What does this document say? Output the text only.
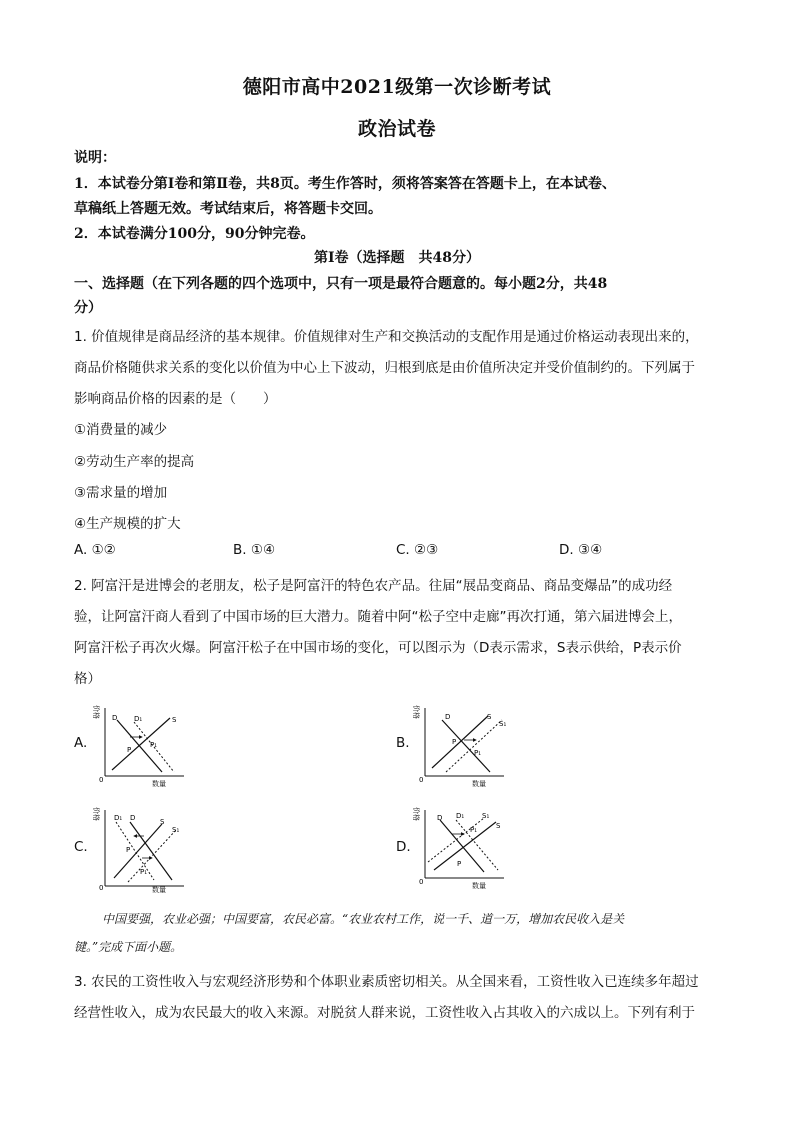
德阳市高中2021级第一次诊断考试
政治试卷
说明：
1．本试卷分第Ⅰ卷和第Ⅱ卷，共8页。考生作答时，须将答案答在答题卡上，在本试卷、
草稿纸上答题无效。考试结束后，将答题卡交回。
2．本试卷满分100分，90分钟完卷。
第Ⅰ卷（选择题　共48分）
一、选择题（在下列各题的四个选项中，只有一项是最符合题意的。每小题2分，共48
分）
1. 价值规律是商品经济的基本规律。价值规律对生产和交换活动的支配作用是通过价格运动表现出来的，
商品价格随供求关系的变化以价值为中心上下波动，归根到底是由价值所决定并受价值制约的。下列属于
影响商品价格的因素的是（　　）
①消费量的减少
②劳动生产率的提高
③需求量的增加
④生产规模的扩大
A. ①②	B. ①④	C. ②③	D. ③④
2. 阿富汗是进博会的老朋友，松子是阿富汗的特色农产品。往届“展品变商品、商品变爆品”的成功经
验，让阿富汗商人看到了中国市场的巨大潜力。随着中阿“松子空中走廊”再次打通，第六届进博会上，
阿富汗松子再次火爆。阿富汗松子在中国市场的变化，可以图示为（D表示需求，S表示供给，P表示价
格）
A.	B.
C.	D.
价格
0	数量
D D₁	S
P
P₁
价格
0	数量
D	S
S₁
P
P₁
价格
0	数量
D₁ D	S
S₁
P
P₁
价格
0	数量
D D₁	S₁
S
P₁
P
中国要强，农业必强；中国要富，农民必富。“农业农村工作，说一千、道一万，增加农民收入是关
键。”完成下面小题。
3. 农民的工资性收入与宏观经济形势和个体职业素质密切相关。从全国来看，工资性收入已连续多年超过
经营性收入，成为农民最大的收入来源。对脱贫人群来说，工资性收入占其收入的六成以上。下列有利于
